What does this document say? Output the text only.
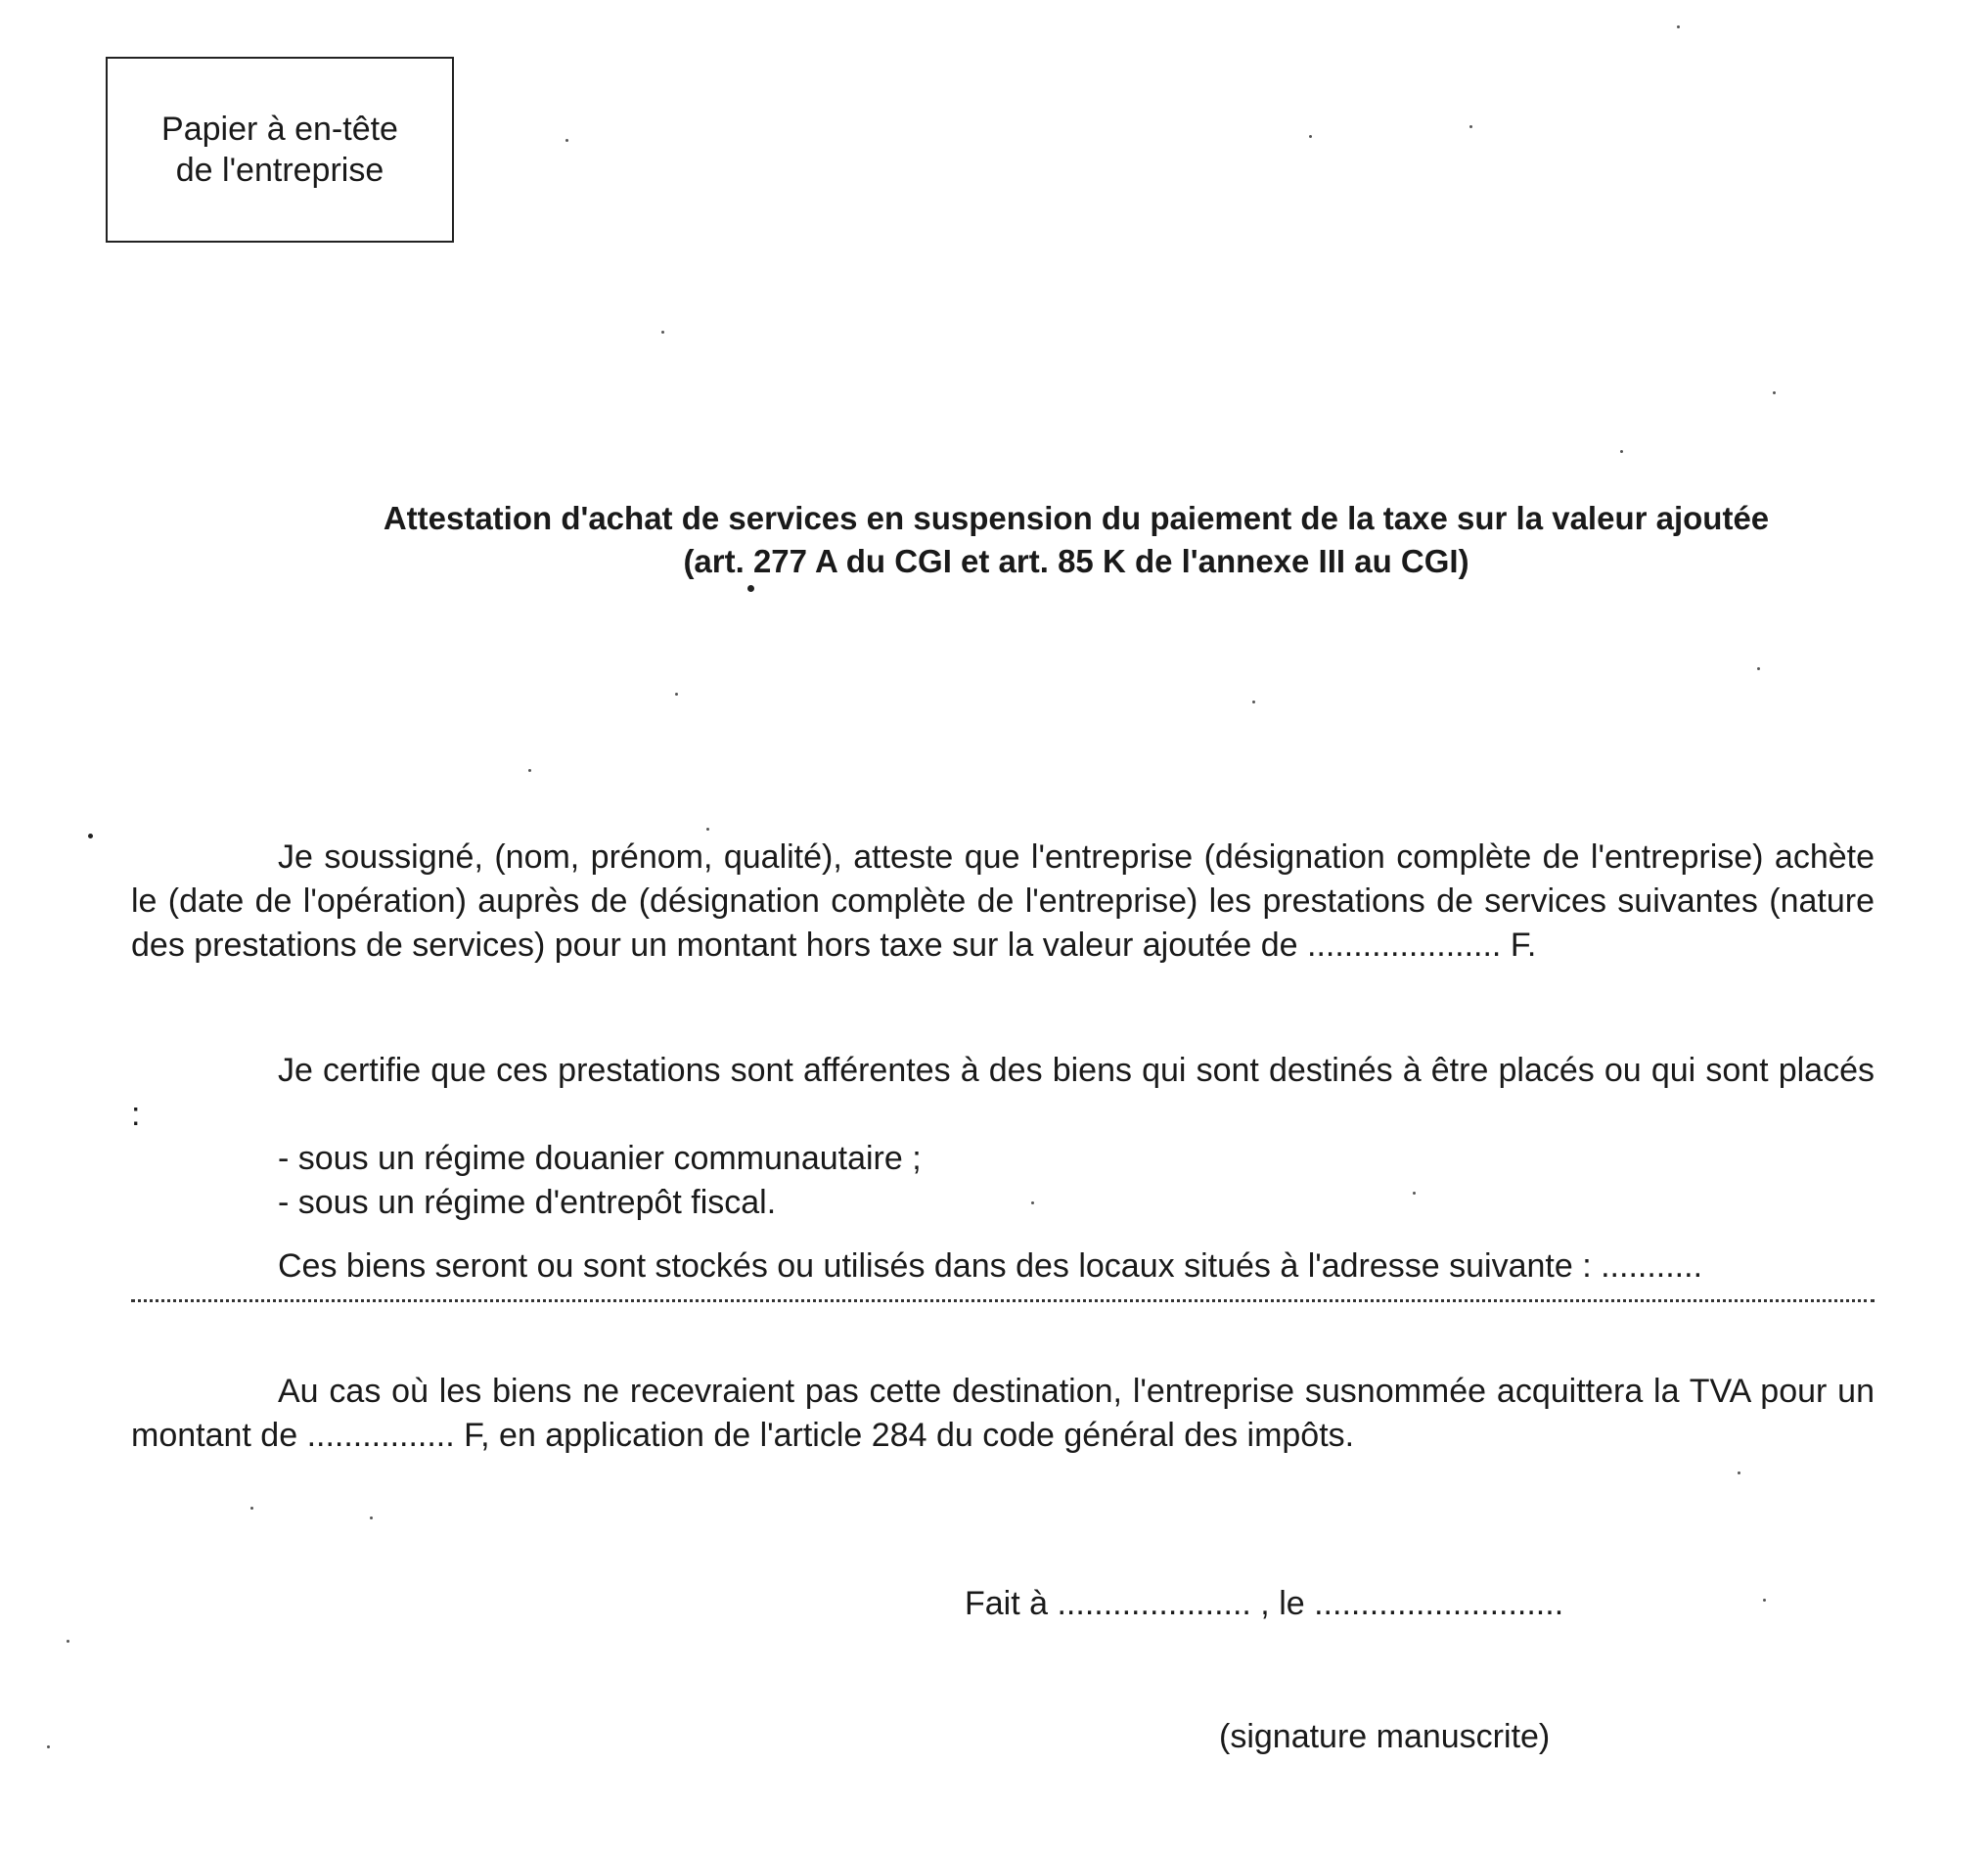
Papier à en-tête
de l'entreprise
Attestation d'achat de services en suspension du paiement de la taxe sur la valeur ajoutée
(art. 277 A du CGI et art. 85 K de l'annexe III au CGI)
Je soussigné, (nom, prénom, qualité), atteste que l'entreprise (désignation complète de l'entreprise) achète le (date de l'opération) auprès de (désignation complète de l'entreprise) les prestations de services suivantes (nature des prestations de services) pour un montant hors taxe sur la valeur ajoutée de ..................... F.
Je certifie que ces prestations sont afférentes à des biens qui sont destinés à être placés ou qui sont placés :
- sous un régime douanier communautaire ;
- sous un régime d'entrepôt fiscal.
Ces biens seront ou sont stockés ou utilisés dans des locaux situés à l'adresse suivante : ...........
Au cas où les biens ne recevraient pas cette destination, l'entreprise susnommée acquittera la TVA pour un montant de ................ F, en application de l'article 284 du code général des impôts.
Fait à ..................... , le ...........................
(signature manuscrite)
